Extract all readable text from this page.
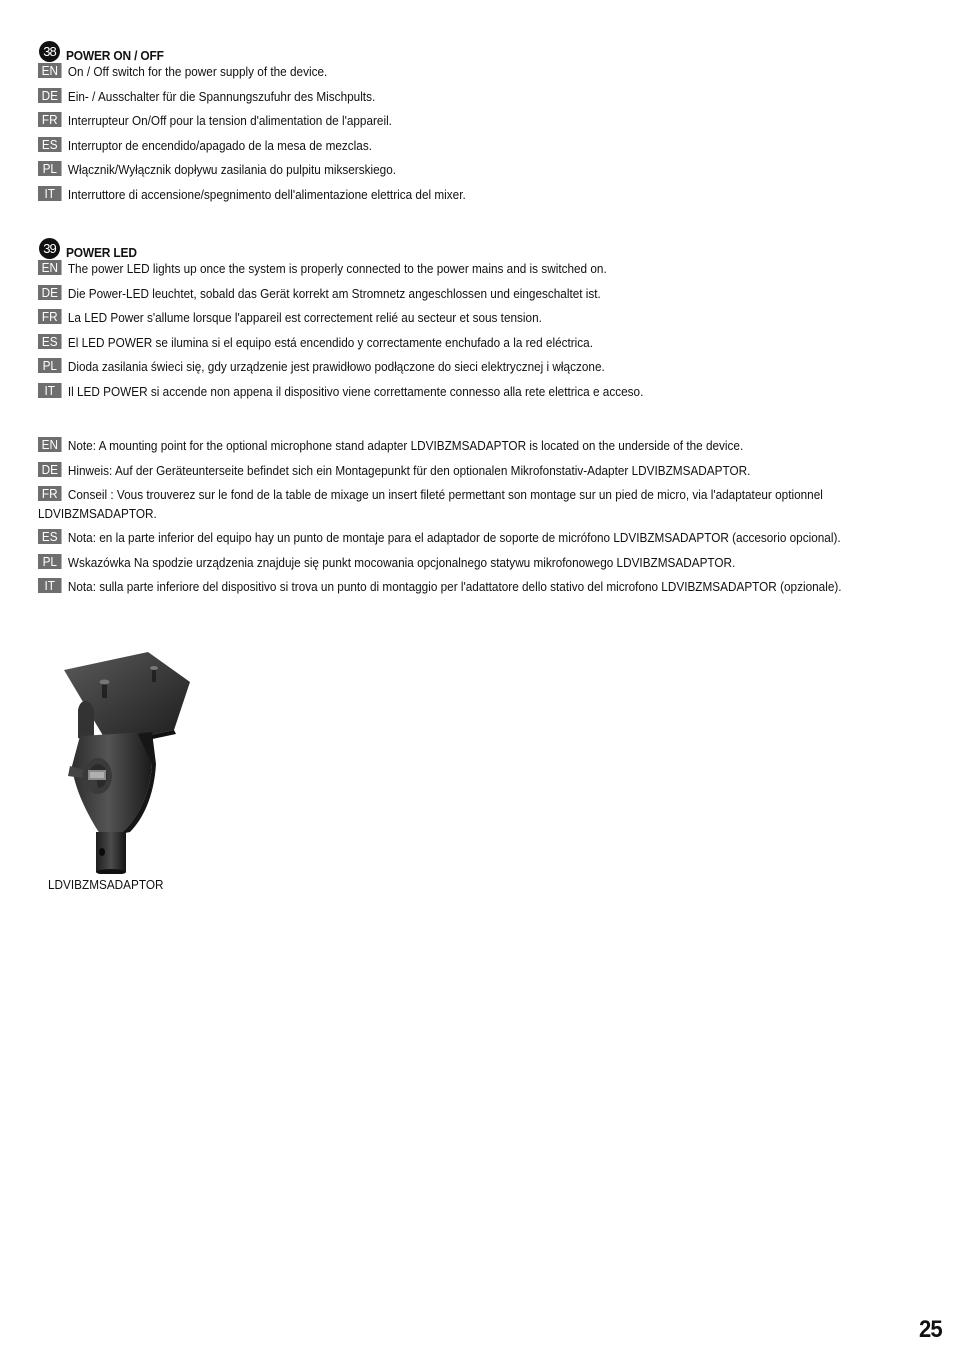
38 POWER ON / OFF
EN On / Off switch for the power supply of the device.
DE Ein- / Ausschalter für die Spannungszufuhr des Mischpults.
FR Interrupteur On/Off pour la tension d'alimentation de l'appareil.
ES Interruptor de encendido/apagado de la mesa de mezclas.
PL Włącznik/Wyłącznik dopływu zasilania do pulpitu mikserskiego.
IT Interruttore di accensione/spegnimento dell'alimentazione elettrica del mixer.
39 POWER LED
EN The power LED lights up once the system is properly connected to the power mains and is switched on.
DE Die Power-LED leuchtet, sobald das Gerät korrekt am Stromnetz angeschlossen und eingeschaltet ist.
FR La LED Power s'allume lorsque l'appareil est correctement relié au secteur et sous tension.
ES El LED POWER se ilumina si el equipo está encendido y correctamente enchufado a la red eléctrica.
PL Dioda zasilania świeci się, gdy urządzenie jest prawidłowo podłączone do sieci elektrycznej i włączone.
IT Il LED POWER si accende non appena il dispositivo viene correttamente connesso alla rete elettrica e acceso.
EN Note: A mounting point for the optional microphone stand adapter LDVIBZMSADAPTOR is located on the underside of the device.
DE Hinweis: Auf der Geräteunterseite befindet sich ein Montagepunkt für den optionalen Mikrofonstativ-Adapter LDVIBZMSADAPTOR.
FR Conseil : Vous trouverez sur le fond de la table de mixage un insert fileté permettant son montage sur un pied de micro, via l'adaptateur optionnel LDVIBZMSADAPTOR.
ES Nota: en la parte inferior del equipo hay un punto de montaje para el adaptador de soporte de micrófono LDVIBZMSADAPTOR (accesorio opcional).
PL Wskazówka Na spodzie urządzenia znajduje się punkt mocowania opcjonalnego statywu mikrofonowego LDVIBZMSADAPTOR.
IT Nota: sulla parte inferiore del dispositivo si trova un punto di montaggio per l'adattatore dello stativo del microfono LDVIBZMSADAPTOR (opzionale).
LDVIBZMSADAPTOR
25
